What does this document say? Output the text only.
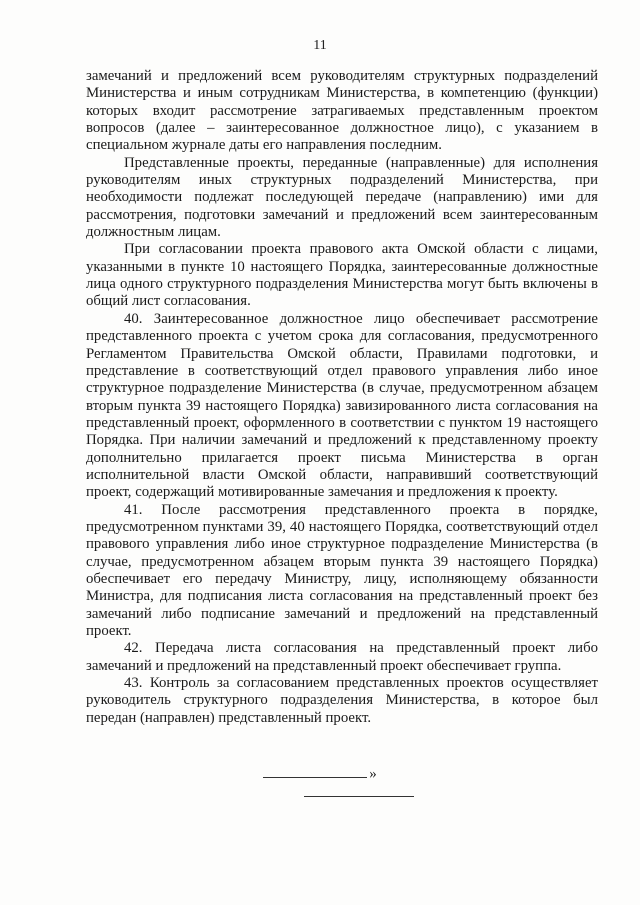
11

замечаний и предложений всем руководителям структурных подразделений Министерства и иным сотрудникам Министерства, в компетенцию (функции) которых входит рассмотрение затрагиваемых представленным проектом вопросов (далее – заинтересованное должностное лицо), с указанием в специальном журнале даты его направления последним.

Представленные проекты, переданные (направленные) для исполнения руководителям иных структурных подразделений Министерства, при необходимости подлежат последующей передаче (направлению) ими для рассмотрения, подготовки замечаний и предложений всем заинтересованным должностным лицам.

При согласовании проекта правового акта Омской области с лицами, указанными в пункте 10 настоящего Порядка, заинтересованные должностные лица одного структурного подразделения Министерства могут быть включены в общий лист согласования.

40. Заинтересованное должностное лицо обеспечивает рассмотрение представленного проекта с учетом срока для согласования, предусмотренного Регламентом Правительства Омской области, Правилами подготовки, и представление в соответствующий отдел правового управления либо иное структурное подразделение Министерства (в случае, предусмотренном абзацем вторым пункта 39 настоящего Порядка) завизированного листа согласования на представленный проект, оформленного в соответствии с пунктом 19 настоящего Порядка. При наличии замечаний и предложений к представленному проекту дополнительно прилагается проект письма Министерства в орган исполнительной власти Омской области, направивший соответствующий проект, содержащий мотивированные замечания и предложения к проекту.

41. После рассмотрения представленного проекта в порядке, предусмотренном пунктами 39, 40 настоящего Порядка, соответствующий отдел правового управления либо иное структурное подразделение Министерства (в случае, предусмотренном абзацем вторым пункта 39 настоящего Порядка) обеспечивает его передачу Министру, лицу, исполняющему обязанности Министра, для подписания листа согласования на представленный проект без замечаний либо подписание замечаний и предложений на представленный проект.

42. Передача листа согласования на представленный проект либо замечаний и предложений на представленный проект обеспечивает группа.

43. Контроль за согласованием представленных проектов осуществляет руководитель структурного подразделения Министерства, в которое был передан (направлен) представленный проект.

»
